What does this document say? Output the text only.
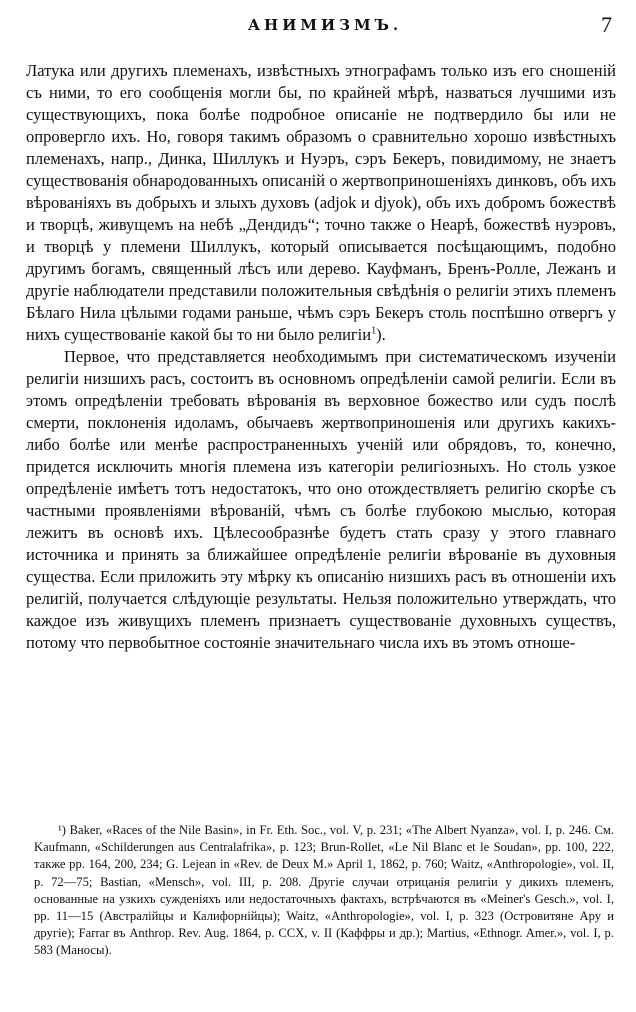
АНИМИЗМЪ.	7

Латука или другихъ племенахъ, извѣстныхъ этнографамъ только изъ его сношеній съ ними, то его сообщенія могли бы, по крайней мѣрѣ, назваться лучшими изъ существующихъ, пока болѣе подробное описаніе не подтвердило бы или не опровергло ихъ. Но, говоря такимъ образомъ о сравнительно хорошо извѣстныхъ племенахъ, напр., Динка, Шиллукъ и Нуэръ, сэръ Бекеръ, повидимому, не знаетъ существованія обнародованныхъ описаній о жертвоприношеніяхъ динковъ, объ ихъ вѣрованіяхъ въ добрыхъ и злыхъ духовъ (adjok и djyok), объ ихъ добромъ божествѣ и творцѣ, живущемъ на небѣ „Дендидъ“; точно также о Неарѣ, божествѣ нуэровъ, и творцѣ у племени Шиллукъ, который описывается посѣщающимъ, подобно другимъ богамъ, священный лѣсъ или дерево. Кауфманъ, Бренъ-Ролле, Лежанъ и другіе наблюдатели представили положительныя свѣдѣнія о религіи этихъ племенъ Бѣлаго Нила цѣлыми годами раньше, чѣмъ сэръ Бекеръ столь поспѣшно отвергъ у нихъ существованіе какой бы то ни было религіи$^1$).

Первое, что представляется необходимымъ при систематическомъ изученіи религіи низшихъ расъ, состоитъ въ основномъ опредѣленіи самой религіи. Если въ этомъ опредѣленіи требовать вѣрованія въ верховное божество или судъ послѣ смерти, поклоненія идоламъ, обычаевъ жертвоприношенія или другихъ какихъ-либо болѣе или менѣе распространенныхъ ученій или обрядовъ, то, конечно, придется исключить многія племена изъ категоріи религіозныхъ. Но столь узкое опредѣленіе имѣетъ тотъ недостатокъ, что оно отождествляетъ религію скорѣе съ частными проявленіями вѣрованій, чѣмъ съ болѣе глубокою мыслью, которая лежитъ въ основѣ ихъ. Цѣлесообразнѣе будетъ стать сразу у этого главнаго источника и принять за ближайшее опредѣленіе религіи вѣрованіе въ духовныя существа. Если приложить эту мѣрку къ описанію низшихъ расъ въ отношеніи ихъ религій, получается слѣдующіе результаты. Нельзя положительно утверждать, что каждое изъ живущихъ племенъ признаетъ существованіе духовныхъ существъ, потому что первобытное состояніе значительнаго числа ихъ въ этомъ отноше-

¹) Baker, «Races of the Nile Basin», in Fr. Eth. Soc., vol. V, p. 231; «The Albert Nyanza», vol. I, p. 246. См. Kaufmann, «Schilderungen aus Centralafrika», p. 123; Brun-Rollet, «Le Nil Blanc et le Soudan», pp. 100, 222, также pp. 164, 200, 234; G. Lejean in «Rev. de Deux M.» April 1, 1862, p. 760; Waitz, «Anthropologie», vol. II, p. 72—75; Bastian, «Mensch», vol. III, p. 208. Другіе случаи отрицанія религіи у дикихъ племенъ, основанные на узкихъ сужденіяхъ или недостаточныхъ фактахъ, встрѣчаются въ «Meiner's Gesch.», vol. I, pp. 11—15 (Австралійцы и Калифорнійцы); Waitz, «Anthropologie», vol. I, p. 323 (Островитяне Ару и другіе); Farrar въ Anthrop. Rev. Aug. 1864, p. CCX, v. II (Каффры и др.); Martius, «Ethnogr. Amer.», vol. I, p. 583 (Маносы).
